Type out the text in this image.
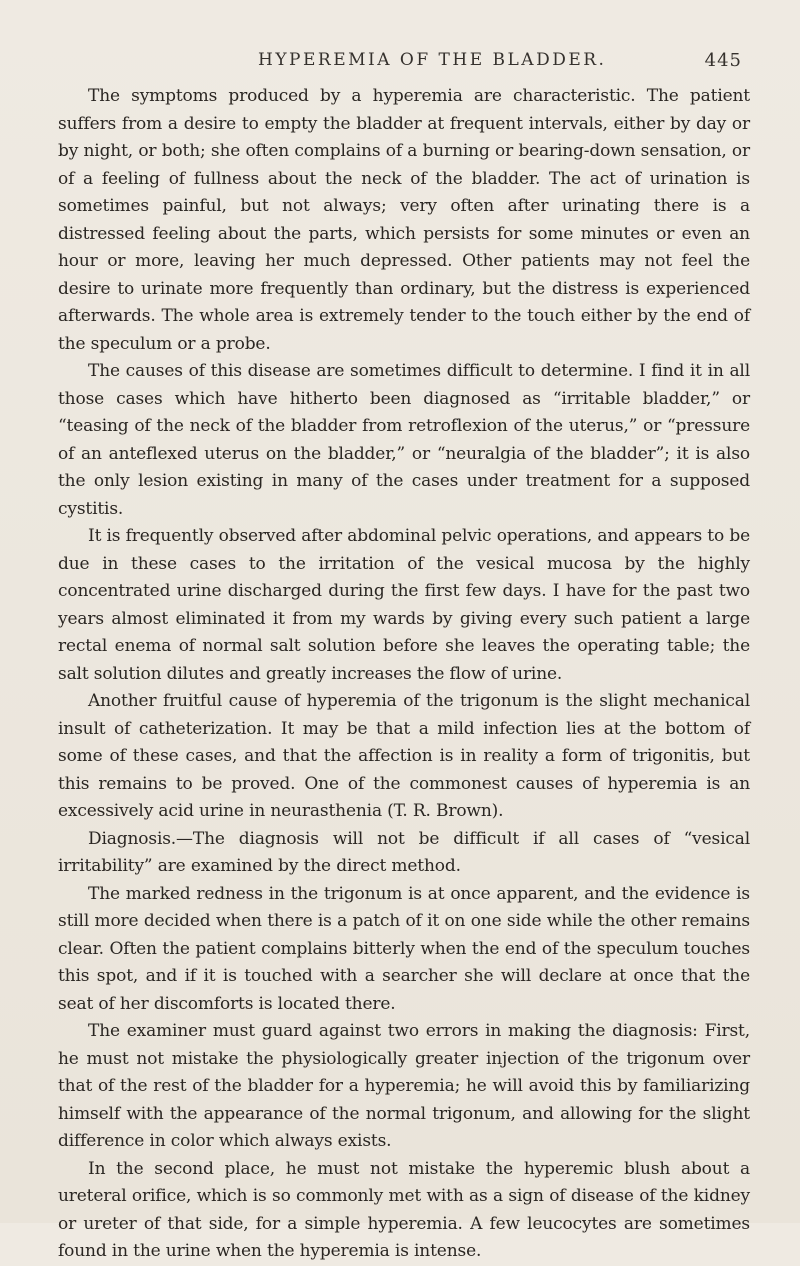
HYPEREMIA OF THE BLADDER.	445

The symptoms produced by a hyperemia are characteristic. The patient suffers from a desire to empty the bladder at frequent intervals, either by day or by night, or both; she often complains of a burning or bearing-down sensation, or of a feeling of fullness about the neck of the bladder. The act of urination is sometimes painful, but not always; very often after urinating there is a distressed feeling about the parts, which persists for some minutes or even an hour or more, leaving her much depressed. Other patients may not feel the desire to urinate more frequently than ordinary, but the distress is experienced afterwards. The whole area is extremely tender to the touch either by the end of the speculum or a probe.

The causes of this disease are sometimes difficult to determine. I find it in all those cases which have hitherto been diagnosed as “irritable bladder,” or “teasing of the neck of the bladder from retroflexion of the uterus,” or “pressure of an anteflexed uterus on the bladder,” or “neuralgia of the bladder”; it is also the only lesion existing in many of the cases under treatment for a supposed cystitis.

It is frequently observed after abdominal pelvic operations, and appears to be due in these cases to the irritation of the vesical mucosa by the highly concentrated urine discharged during the first few days. I have for the past two years almost eliminated it from my wards by giving every such patient a large rectal enema of normal salt solution before she leaves the operating table; the salt solution dilutes and greatly increases the flow of urine.

Another fruitful cause of hyperemia of the trigonum is the slight mechanical insult of catheterization. It may be that a mild infection lies at the bottom of some of these cases, and that the affection is in reality a form of trigonitis, but this remains to be proved. One of the commonest causes of hyperemia is an excessively acid urine in neurasthenia (T. R. Brown).

Diagnosis.—The diagnosis will not be difficult if all cases of “vesical irritability” are examined by the direct method.

The marked redness in the trigonum is at once apparent, and the evidence is still more decided when there is a patch of it on one side while the other remains clear. Often the patient complains bitterly when the end of the speculum touches this spot, and if it is touched with a searcher she will declare at once that the seat of her discomforts is located there.

The examiner must guard against two errors in making the diagnosis: First, he must not mistake the physiologically greater injection of the trigonum over that of the rest of the bladder for a hyperemia; he will avoid this by familiarizing himself with the appearance of the normal trigonum, and allowing for the slight difference in color which always exists.

In the second place, he must not mistake the hyperemic blush about a ureteral orifice, which is so commonly met with as a sign of disease of the kidney or ureter of that side, for a simple hyperemia. A few leucocytes are sometimes found in the urine when the hyperemia is intense.
